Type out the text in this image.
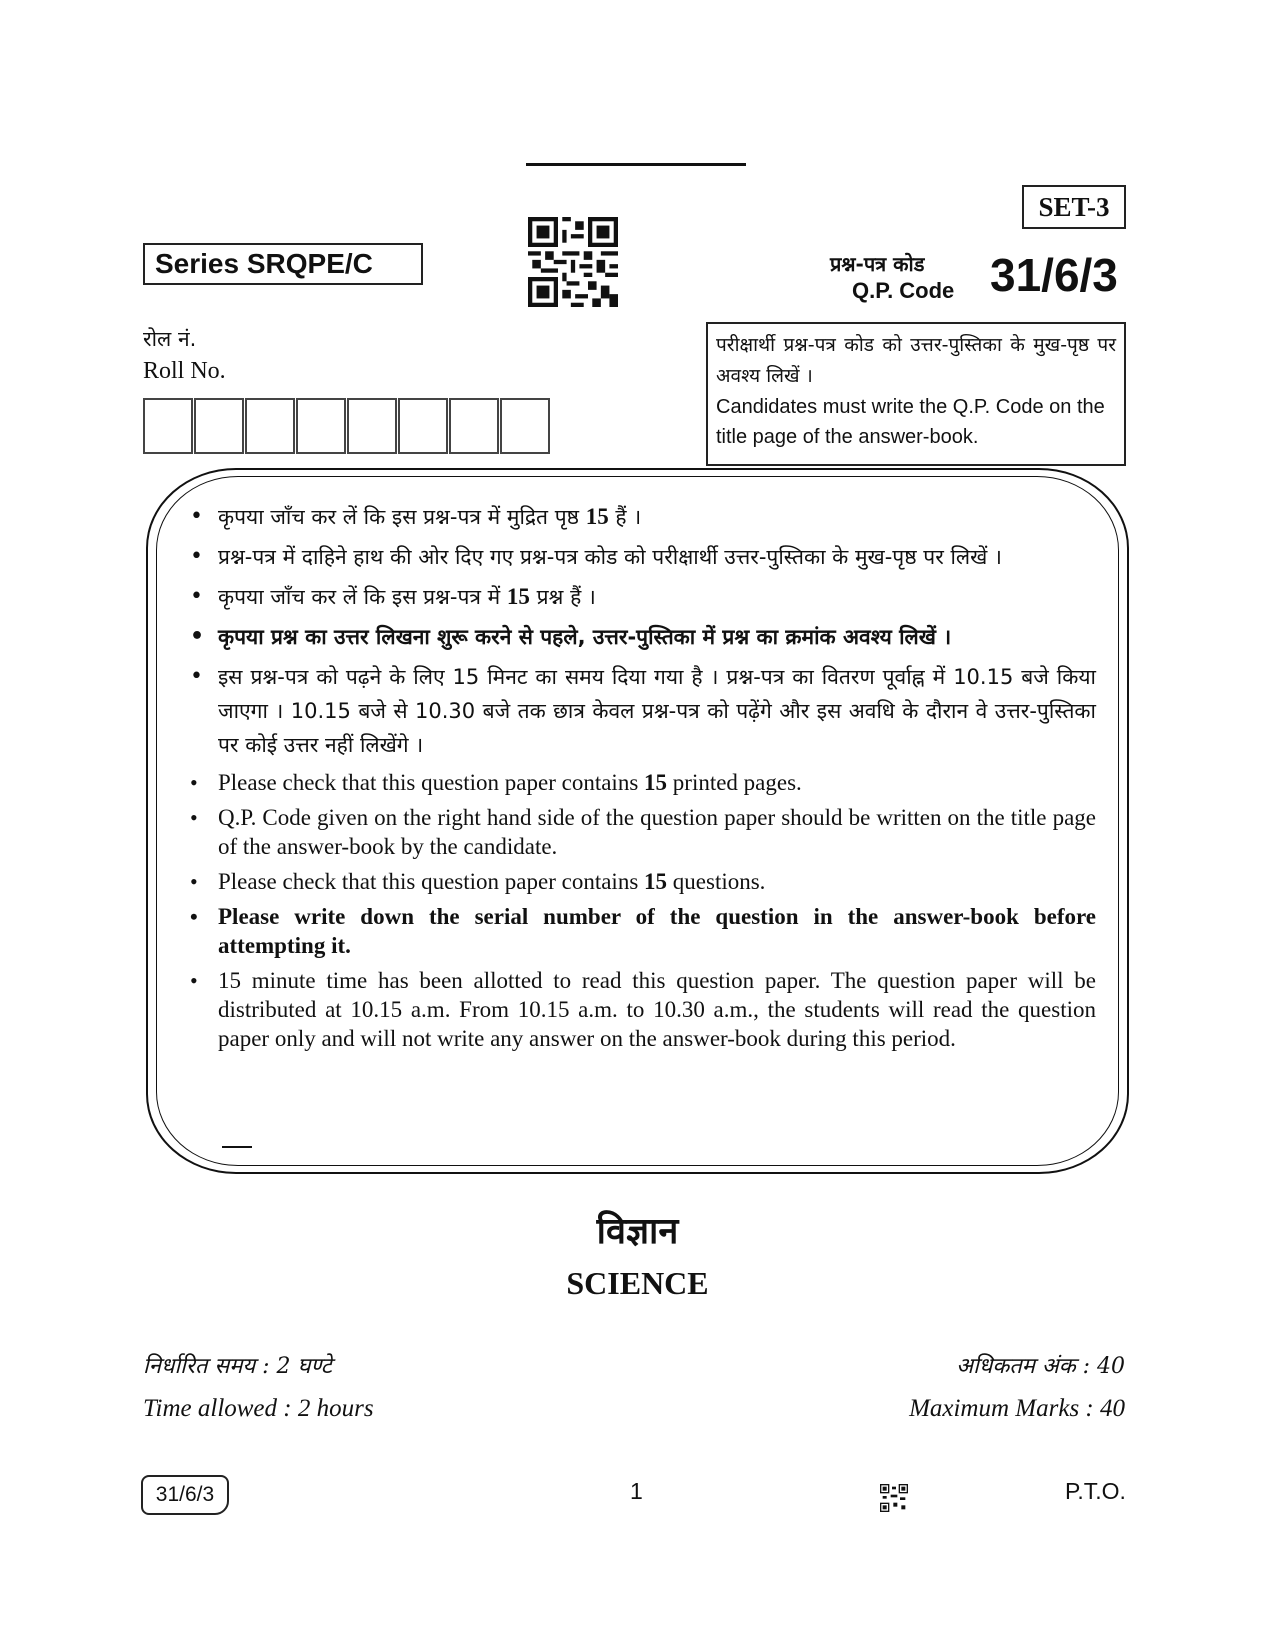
SET-3
Series SRQPE/C	प्रश्न-पत्र कोड
Q.P. Code 31/6/3
रोल नं.
Roll No.
परीक्षार्थी प्रश्न-पत्र कोड को उत्तर-पुस्तिका के मुख-पृष्ठ पर अवश्य लिखें ।
Candidates must write the Q.P. Code on the title page of the answer-book.
• कृपया जाँच कर लें कि इस प्रश्न-पत्र में मुद्रित पृष्ठ 15 हैं ।
• प्रश्न-पत्र में दाहिने हाथ की ओर दिए गए प्रश्न-पत्र कोड को परीक्षार्थी उत्तर-पुस्तिका के मुख-पृष्ठ पर लिखें ।
• कृपया जाँच कर लें कि इस प्रश्न-पत्र में 15 प्रश्न हैं ।
• कृपया प्रश्न का उत्तर लिखना शुरू करने से पहले, उत्तर-पुस्तिका में प्रश्न का क्रमांक अवश्य लिखें ।
• इस प्रश्न-पत्र को पढ़ने के लिए 15 मिनट का समय दिया गया है । प्रश्न-पत्र का वितरण पूर्वाह्न में 10.15 बजे किया जाएगा । 10.15 बजे से 10.30 बजे तक छात्र केवल प्रश्न-पत्र को पढ़ेंगे और इस अवधि के दौरान वे उत्तर-पुस्तिका पर कोई उत्तर नहीं लिखेंगे ।
• Please check that this question paper contains 15 printed pages.
• Q.P. Code given on the right hand side of the question paper should be written on the title page of the answer-book by the candidate.
• Please check that this question paper contains 15 questions.
• Please write down the serial number of the question in the answer-book before attempting it.
• 15 minute time has been allotted to read this question paper. The question paper will be distributed at 10.15 a.m. From 10.15 a.m. to 10.30 a.m., the students will read the question paper only and will not write any answer on the answer-book during this period.
विज्ञान
SCIENCE
निर्धारित समय : 2 घण्टे
Time allowed : 2 hours
अधिकतम अंक : 40
Maximum Marks : 40
31/6/3	1	P.T.O.
